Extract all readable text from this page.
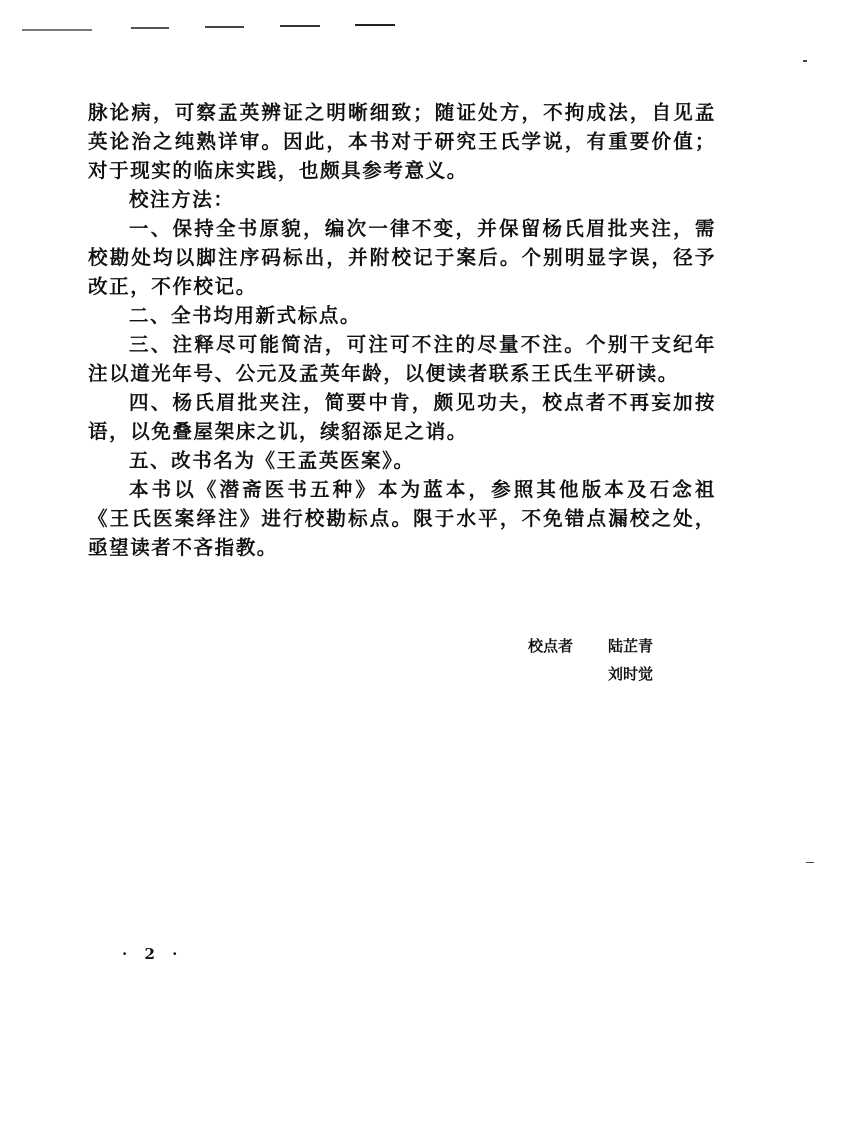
脉论病，可察孟英辨证之明晰细致；随证处方，不拘成法，自见孟英论治之纯熟详审。因此，本书对于研究王氏学说，有重要价值；对于现实的临床实践，也颇具参考意义。

校注方法：

一、保持全书原貌，编次一律不变，并保留杨氏眉批夹注，需校勘处均以脚注序码标出，并附校记于案后。个别明显字误，径予改正，不作校记。

二、全书均用新式标点。

三、注释尽可能简洁，可注可不注的尽量不注。个别干支纪年注以道光年号、公元及孟英年龄，以便读者联系王氏生平研读。

四、杨氏眉批夹注，简要中肯，颇见功夫，校点者不再妄加按语，以免叠屋架床之讥，续貂添足之诮。

五、改书名为《王孟英医案》。

本书以《潜斋医书五种》本为蓝本，参照其他版本及石念祖《王氏医案绎注》进行校勘标点。限于水平，不免错点漏校之处，亟望读者不吝指教。

校点者	陆芷青
刘时觉
· 2 ·
